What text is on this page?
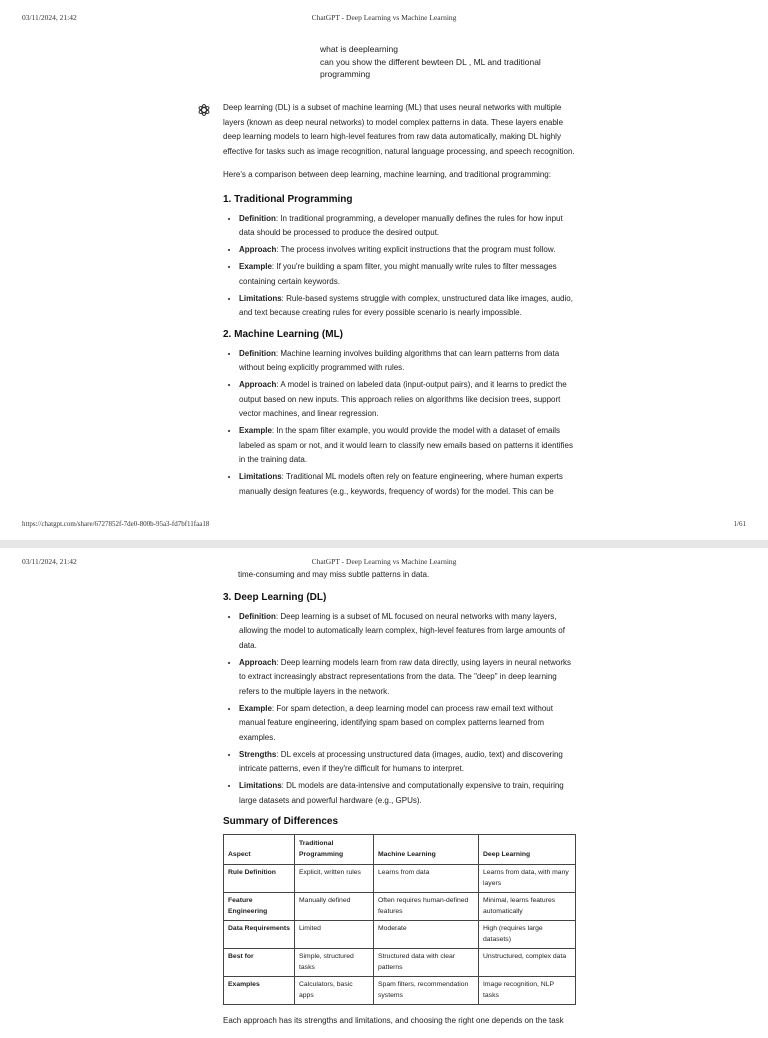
03/11/2024, 21:42	ChatGPT - Deep Learning vs Machine Learning
what is deeplearning
can you show the different bewteen DL , ML and traditional
programming

Deep learning (DL) is a subset of machine learning (ML) that uses neural networks with multiple layers (known as deep neural networks) to model complex patterns in data. These layers enable deep learning models to learn high-level features from raw data automatically, making DL highly effective for tasks such as image recognition, natural language processing, and speech recognition.

Here's a comparison between deep learning, machine learning, and traditional programming:

1. Traditional Programming
• Definition: In traditional programming, a developer manually defines the rules for how input data should be processed to produce the desired output.
• Approach: The process involves writing explicit instructions that the program must follow.
• Example: If you're building a spam filter, you might manually write rules to filter messages containing certain keywords.
• Limitations: Rule-based systems struggle with complex, unstructured data like images, audio, and text because creating rules for every possible scenario is nearly impossible.
2. Machine Learning (ML)
• Definition: Machine learning involves building algorithms that can learn patterns from data without being explicitly programmed with rules.
• Approach: A model is trained on labeled data (input-output pairs), and it learns to predict the output based on new inputs. This approach relies on algorithms like decision trees, support vector machines, and linear regression.
• Example: In the spam filter example, you would provide the model with a dataset of emails labeled as spam or not, and it would learn to classify new emails based on patterns it identifies in the training data.
• Limitations: Traditional ML models often rely on feature engineering, where human experts manually design features (e.g., keywords, frequency of words) for the model. This can be
https://chatgpt.com/share/6727852f-7de0-800b-95a3-fd7bf11faa18	1/61
03/11/2024, 21:42	ChatGPT - Deep Learning vs Machine Learning

time-consuming and may miss subtle patterns in data.

3. Deep Learning (DL)
• Definition: Deep learning is a subset of ML focused on neural networks with many layers, allowing the model to automatically learn complex, high-level features from large amounts of data.
• Approach: Deep learning models learn from raw data directly, using layers in neural networks to extract increasingly abstract representations from the data. The "deep" in deep learning refers to the multiple layers in the network.
• Example: For spam detection, a deep learning model can process raw email text without manual feature engineering, identifying spam based on complex patterns learned from examples.
• Strengths: DL excels at processing unstructured data (images, audio, text) and discovering intricate patterns, even if they're difficult for humans to interpret.
• Limitations: DL models are data-intensive and computationally expensive to train, requiring large datasets and powerful hardware (e.g., GPUs).
Summary of Differences
Aspect	Traditional Programming	Machine Learning	Deep Learning
Rule Definition	Explicit, written rules	Learns from data	Learns from data, with many layers
Feature Engineering	Manually defined	Often requires human-defined features	Minimal, learns features automatically
Data Requirements	Limited	Moderate	High (requires large datasets)
Best for	Simple, structured tasks	Structured data with clear patterns	Unstructured, complex data
Examples	Calculators, basic apps	Spam filters, recommendation systems	Image recognition, NLP tasks

Each approach has its strengths and limitations, and choosing the right one depends on the task
